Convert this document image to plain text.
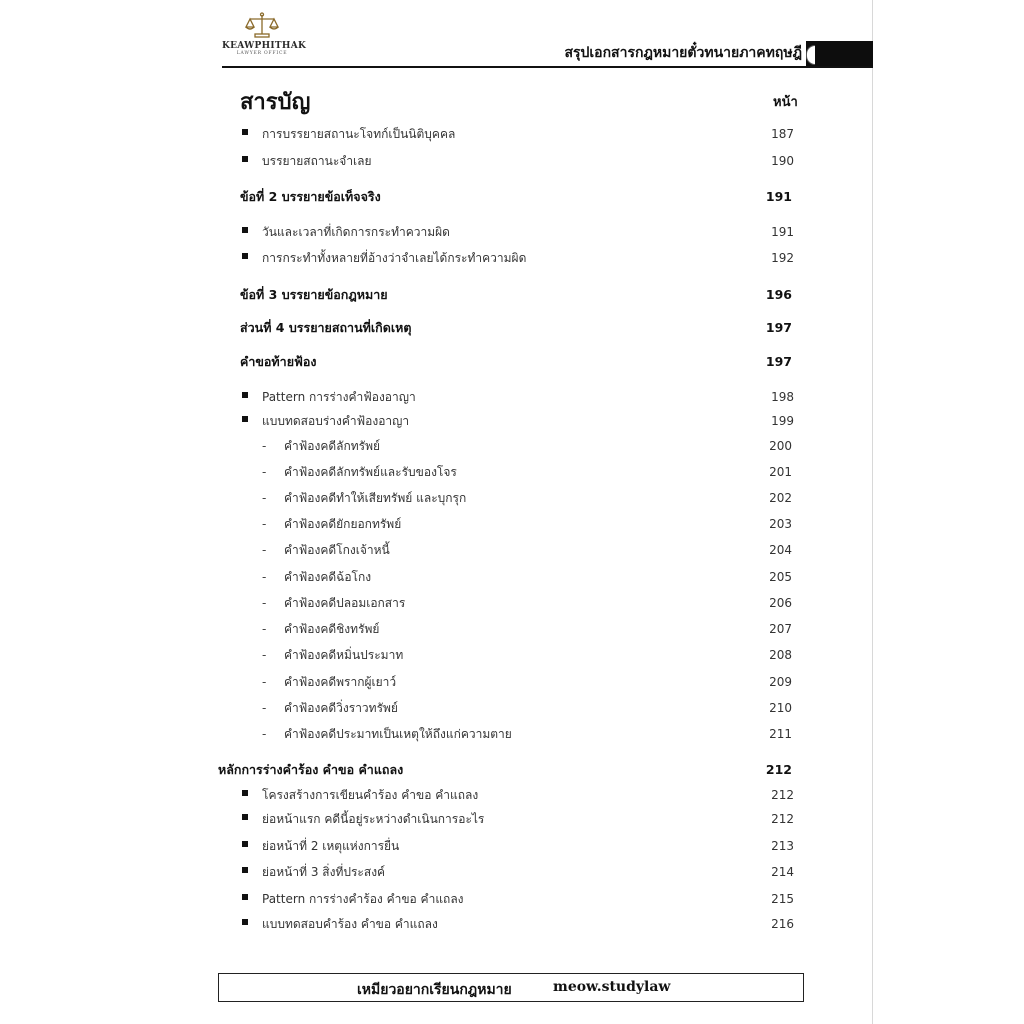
KEAWPHITHAK
LAWYER OFFICE	สรุปเอกสารกฎหมายตั๋วทนายภาคทฤษฎี
สารบัญ	หน้า
การบรรยายสถานะโจทก์เป็นนิติบุคคล	187
บรรยายสถานะจำเลย	190
ข้อที่ 2 บรรยายข้อเท็จจริง	191
วันและเวลาที่เกิดการกระทำความผิด	191
การกระทำทั้งหลายที่อ้างว่าจำเลยได้กระทำความผิด	192
ข้อที่ 3 บรรยายข้อกฎหมาย	196
ส่วนที่ 4 บรรยายสถานที่เกิดเหตุ	197
คำขอท้ายฟ้อง	197
Pattern การร่างคำฟ้องอาญา	198
แบบทดสอบร่างคำฟ้องอาญา	199
- คำฟ้องคดีลักทรัพย์	200
- คำฟ้องคดีลักทรัพย์และรับของโจร	201
- คำฟ้องคดีทำให้เสียทรัพย์ และบุกรุก	202
- คำฟ้องคดียักยอกทรัพย์	203
- คำฟ้องคดีโกงเจ้าหนี้	204
- คำฟ้องคดีฉ้อโกง	205
- คำฟ้องคดีปลอมเอกสาร	206
- คำฟ้องคดีชิงทรัพย์	207
- คำฟ้องคดีหมิ่นประมาท	208
- คำฟ้องคดีพรากผู้เยาว์	209
- คำฟ้องคดีวิ่งราวทรัพย์	210
- คำฟ้องคดีประมาทเป็นเหตุให้ถึงแก่ความตาย	211
หลักการร่างคำร้อง คำขอ คำแถลง	212
โครงสร้างการเขียนคำร้อง คำขอ คำแถลง	212
ย่อหน้าแรก คดีนี้อยู่ระหว่างดำเนินการอะไร	212
ย่อหน้าที่ 2 เหตุแห่งการยื่น	213
ย่อหน้าที่ 3 สิ่งที่ประสงค์	214
Pattern การร่างคำร้อง คำขอ คำแถลง	215
แบบทดสอบคำร้อง คำขอ คำแถลง	216
เหมียวอยากเรียนกฎหมาย	meow.studylaw
